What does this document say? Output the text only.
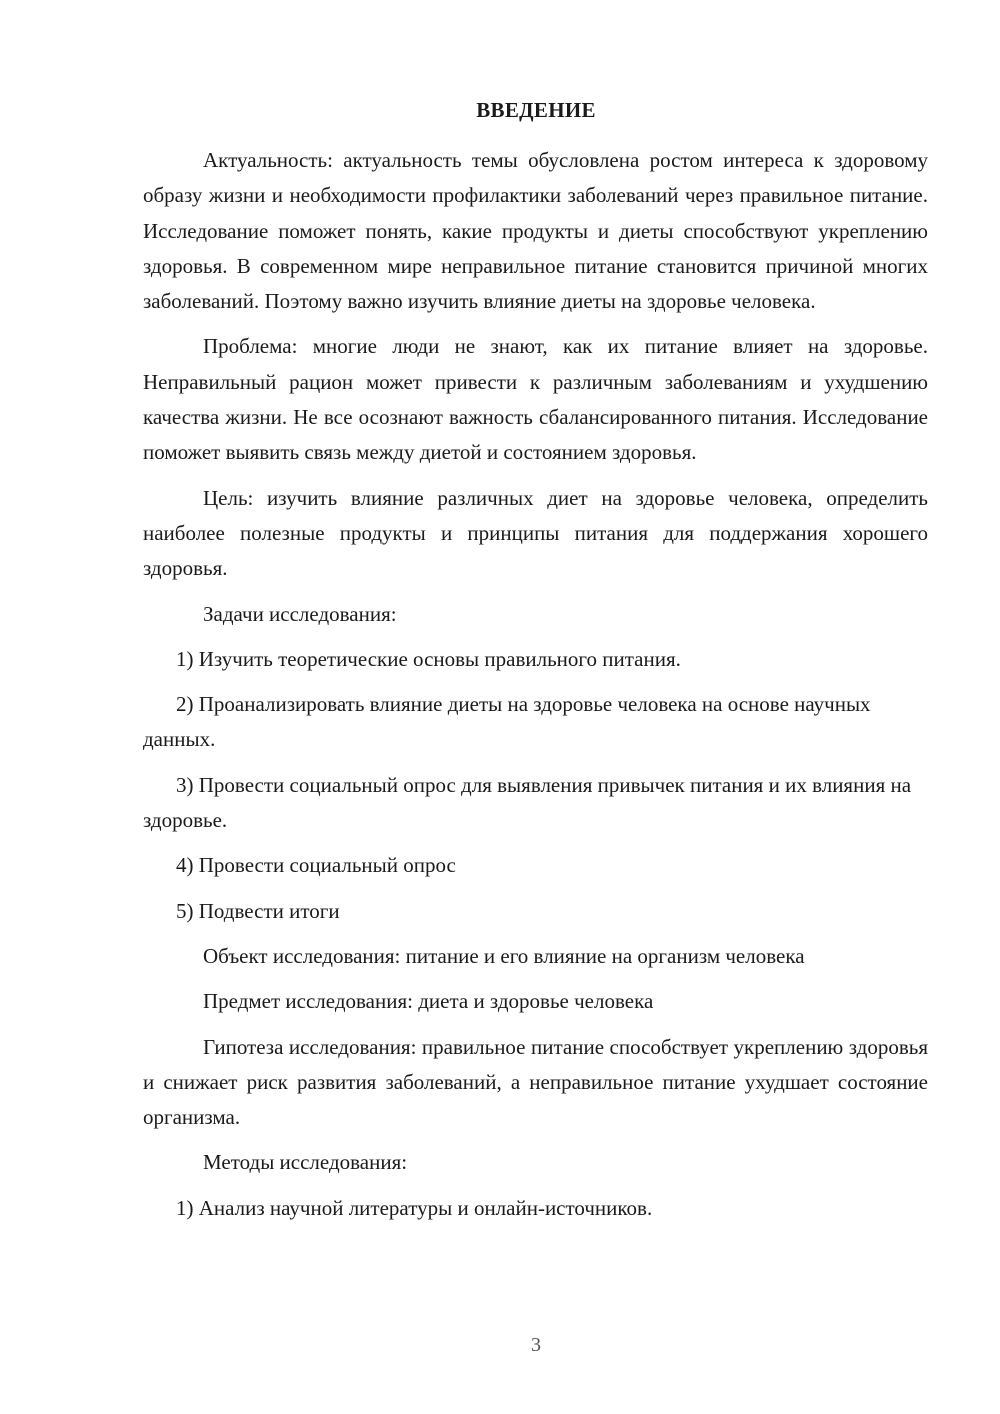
ВВЕДЕНИЕ

Актуальность: актуальность темы обусловлена ростом интереса к здоровому образу жизни и необходимости профилактики заболеваний через правильное питание. Исследование поможет понять, какие продукты и диеты способствуют укреплению здоровья. В современном мире неправильное питание становится причиной многих заболеваний. Поэтому важно изучить влияние диеты на здоровье человека.

Проблема: многие люди не знают, как их питание влияет на здоровье. Неправильный рацион может привести к различным заболеваниям и ухудшению качества жизни. Не все осознают важность сбалансированного питания. Исследование поможет выявить связь между диетой и состоянием здоровья.

Цель: изучить влияние различных диет на здоровье человека, определить наиболее полезные продукты и принципы питания для поддержания хорошего здоровья.

Задачи исследования:

1) Изучить теоретические основы правильного питания.

2) Проанализировать влияние диеты на здоровье человека на основе научных данных.

3) Провести социальный опрос для выявления привычек питания и их влияния на здоровье.

4) Провести социальный опрос

5) Подвести итоги

Объект исследования: питание и его влияние на организм человека

Предмет исследования: диета и здоровье человека

Гипотеза исследования: правильное питание способствует укреплению здоровья и снижает риск развития заболеваний, а неправильное питание ухудшает состояние организма.

Методы исследования:

1) Анализ научной литературы и онлайн-источников.

3
